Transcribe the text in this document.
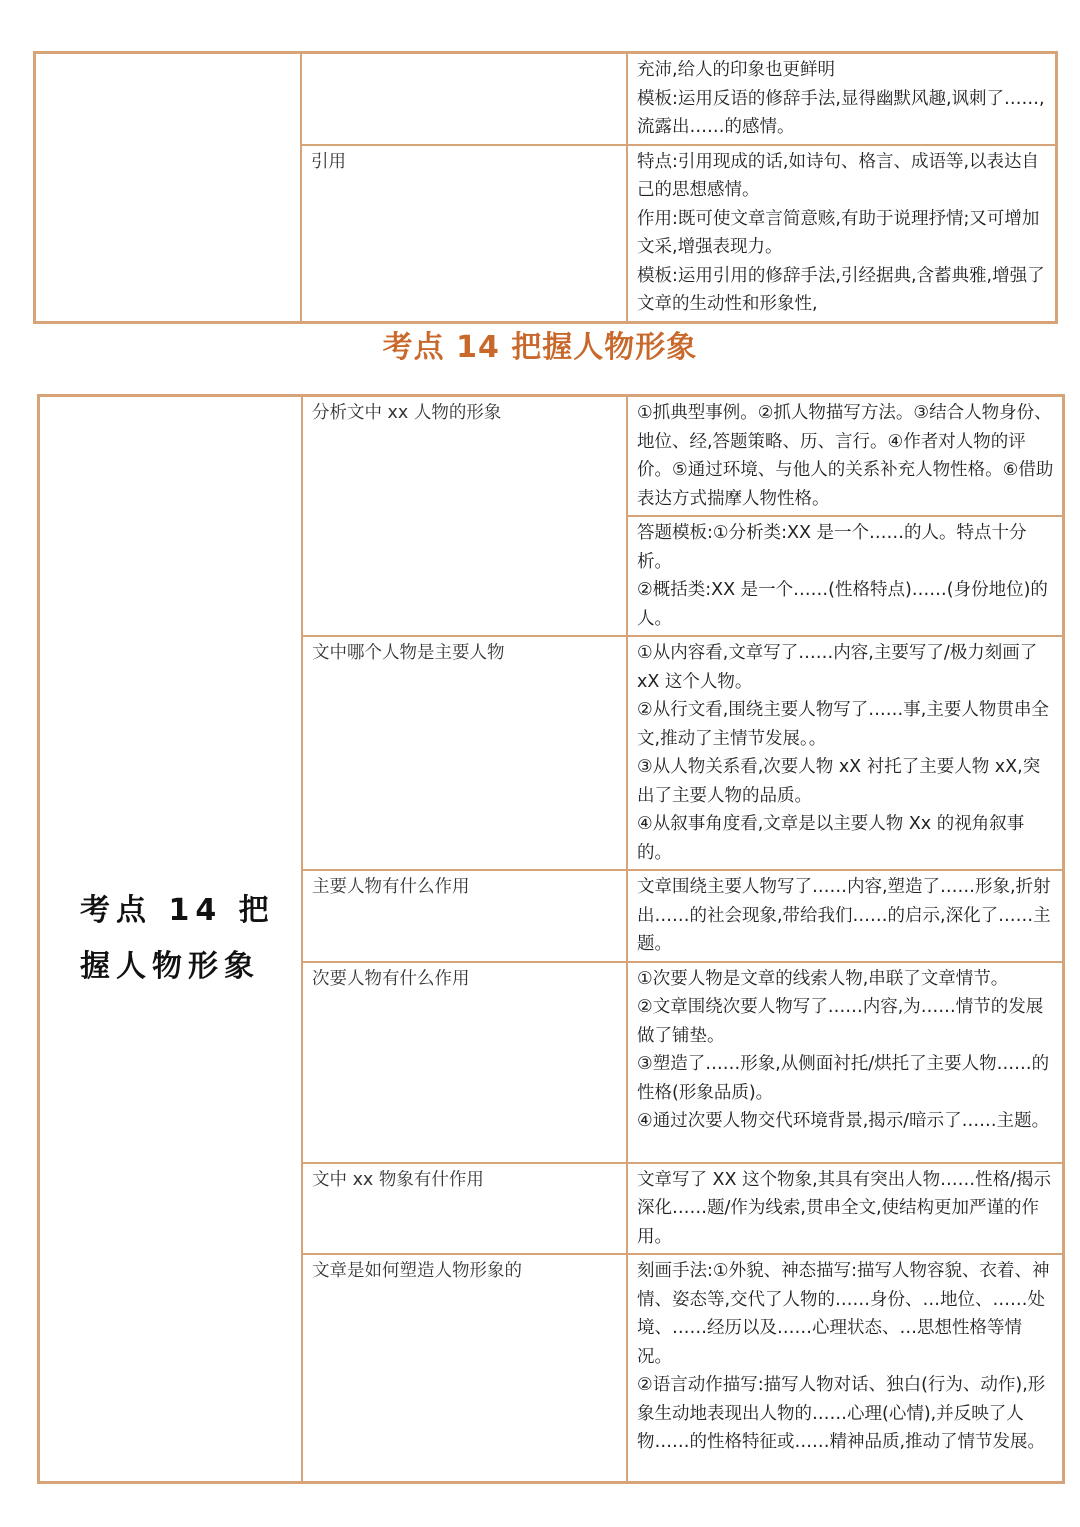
		充沛,给人的印象也更鲜明
模板:运用反语的修辞手法,显得幽默风趣,讽刺了……,流露出……的感情。

	引用	特点:引用现成的话,如诗句、格言、成语等,以表达自己的思想感情。
作用:既可使文章言简意赅,有助于说理抒情;又可增加文采,增强表现力。
模板:运用引用的修辞手法,引经据典,含蓄典雅,增强了文章的生动性和形象性,
考点 14 把握人物形象
考点 14 把握人物形象	分析文中 xx 人物的形象	①抓典型事例。②抓人物描写方法。③结合人物身份、地位、经,答题策略、历、言行。④作者对人物的评价。⑤通过环境、与他人的关系补充人物性格。⑥借助表达方式揣摩人物性格。

		答题模板:①分析类:XX 是一个……的人。特点十分析。
②概括类:XX 是一个……(性格特点)……(身份地位)的人。

	文中哪个人物是主要人物	①从内容看,文章写了……内容,主要写了/极力刻画了 xX 这个人物。
②从行文看,围绕主要人物写了……事,主要人物贯串全文,推动了主情节发展。。
③从人物关系看,次要人物 xX 衬托了主要人物 xX,突出了主要人物的品质。
④从叙事角度看,文章是以主要人物 Xx 的视角叙事的。

	主要人物有什么作用	文章围绕主要人物写了……内容,塑造了……形象,折射出……的社会现象,带给我们……的启示,深化了……主题。

	次要人物有什么作用	①次要人物是文章的线索人物,串联了文章情节。
②文章围绕次要人物写了……内容,为……情节的发展做了铺垫。
③塑造了……形象,从侧面衬托/烘托了主要人物……的性格(形象品质)。
④通过次要人物交代环境背景,揭示/暗示了……主题。

	文中 xx 物象有什作用	文章写了 XX 这个物象,其具有突出人物……性格/揭示深化……题/作为线索,贯串全文,使结构更加严谨的作用。

	文章是如何塑造人物形象的	刻画手法:①外貌、神态描写:描写人物容貌、衣着、神情、姿态等,交代了人物的……身份、…地位、……处境、……经历以及……心理状态、…思想性格等情况。
②语言动作描写:描写人物对话、独白(行为、动作),形象生动地表现出人物的……心理(心情),并反映了人物……的性格特征或……精神品质,推动了情节发展。
